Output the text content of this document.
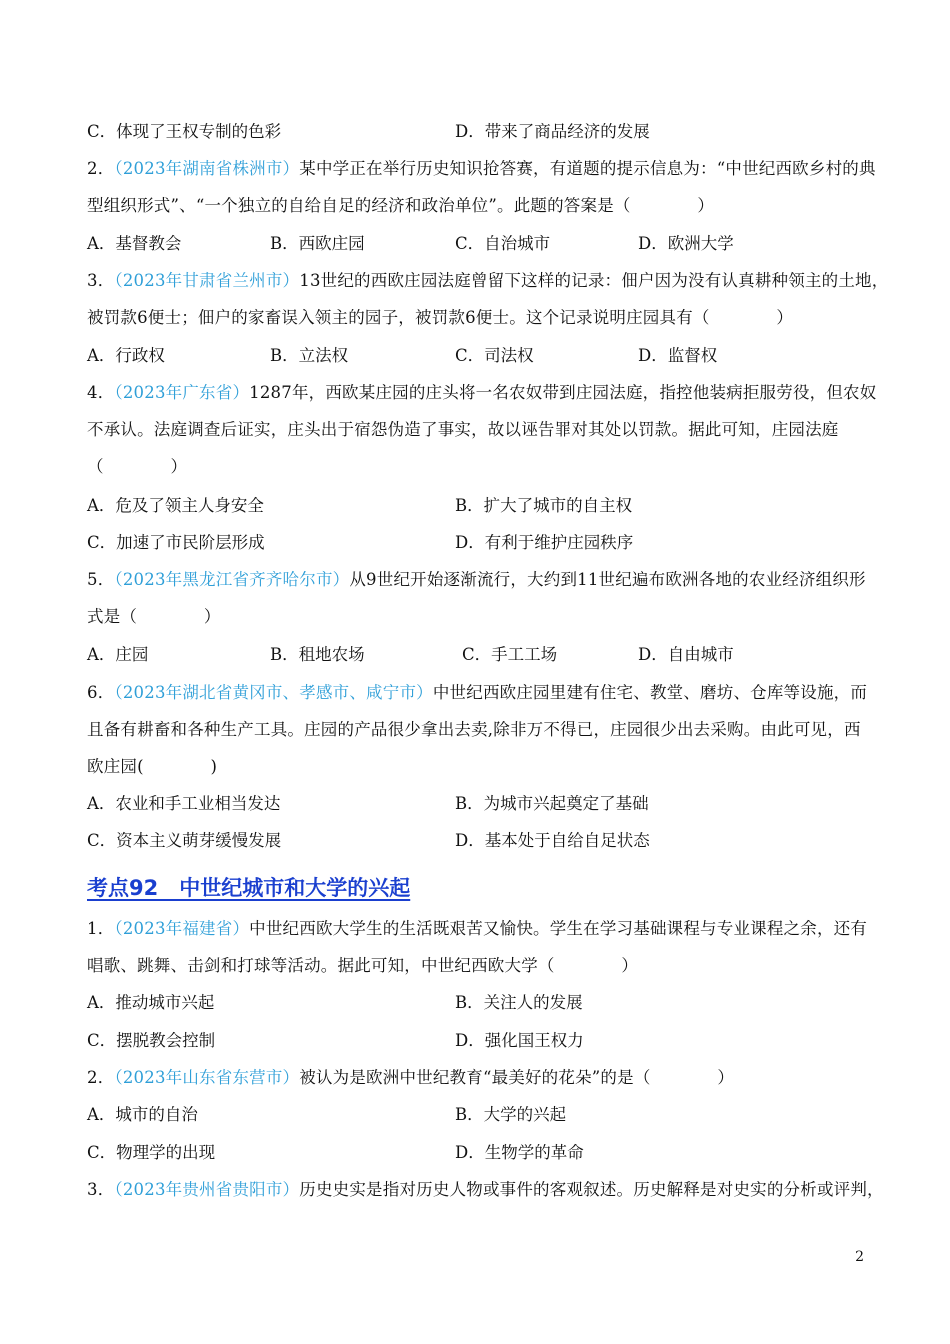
C．体现了王权专制的色彩	D．带来了商品经济的发展
2．（2023年湖南省株洲市）某中学正在举行历史知识抢答赛，有道题的提示信息为：“中世纪西欧乡村的典
型组织形式”、“一个独立的自给自足的经济和政治单位”。此题的答案是（　　　　）
A．基督教会	B．西欧庄园	C．自治城市	D．欧洲大学
3．（2023年甘肃省兰州市）13世纪的西欧庄园法庭曾留下这样的记录：佃户因为没有认真耕种领主的土地，
被罚款6便士；佃户的家畜误入领主的园子，被罚款6便士。这个记录说明庄园具有（　　　　）
A．行政权	B．立法权	C．司法权	D．监督权
4．（2023年广东省）1287年，西欧某庄园的庄头将一名农奴带到庄园法庭，指控他装病拒服劳役，但农奴
不承认。法庭调查后证实，庄头出于宿怨伪造了事实，故以诬告罪对其处以罚款。据此可知，庄园法庭
（　　　　）
A．危及了领主人身安全	B．扩大了城市的自主权
C．加速了市民阶层形成	D．有利于维护庄园秩序
5．（2023年黑龙江省齐齐哈尔市）从9世纪开始逐渐流行，大约到11世纪遍布欧洲各地的农业经济组织形
式是（　　　　）
A．庄园	B．租地农场	C．手工工场	D．自由城市
6．（2023年湖北省黄冈市、孝感市、咸宁市）中世纪西欧庄园里建有住宅、教堂、磨坊、仓库等设施，而
且备有耕畜和各种生产工具。庄园的产品很少拿出去卖,除非万不得已，庄园很少出去采购。由此可见，西
欧庄园(　　　　)
A．农业和手工业相当发达	B．为城市兴起奠定了基础
C．资本主义萌芽缓慢发展	D．基本处于自给自足状态
考点92　中世纪城市和大学的兴起
1．（2023年福建省）中世纪西欧大学生的生活既艰苦又愉快。学生在学习基础课程与专业课程之余，还有
唱歌、跳舞、击剑和打球等活动。据此可知，中世纪西欧大学（　　　　）
A．推动城市兴起	B．关注人的发展
C．摆脱教会控制	D．强化国王权力
2．（2023年山东省东营市）被认为是欧洲中世纪教育“最美好的花朵”的是（　　　　）
A．城市的自治	B．大学的兴起
C．物理学的出现	D．生物学的革命
3．（2023年贵州省贵阳市）历史史实是指对历史人物或事件的客观叙述。历史解释是对史实的分析或评判，
2
